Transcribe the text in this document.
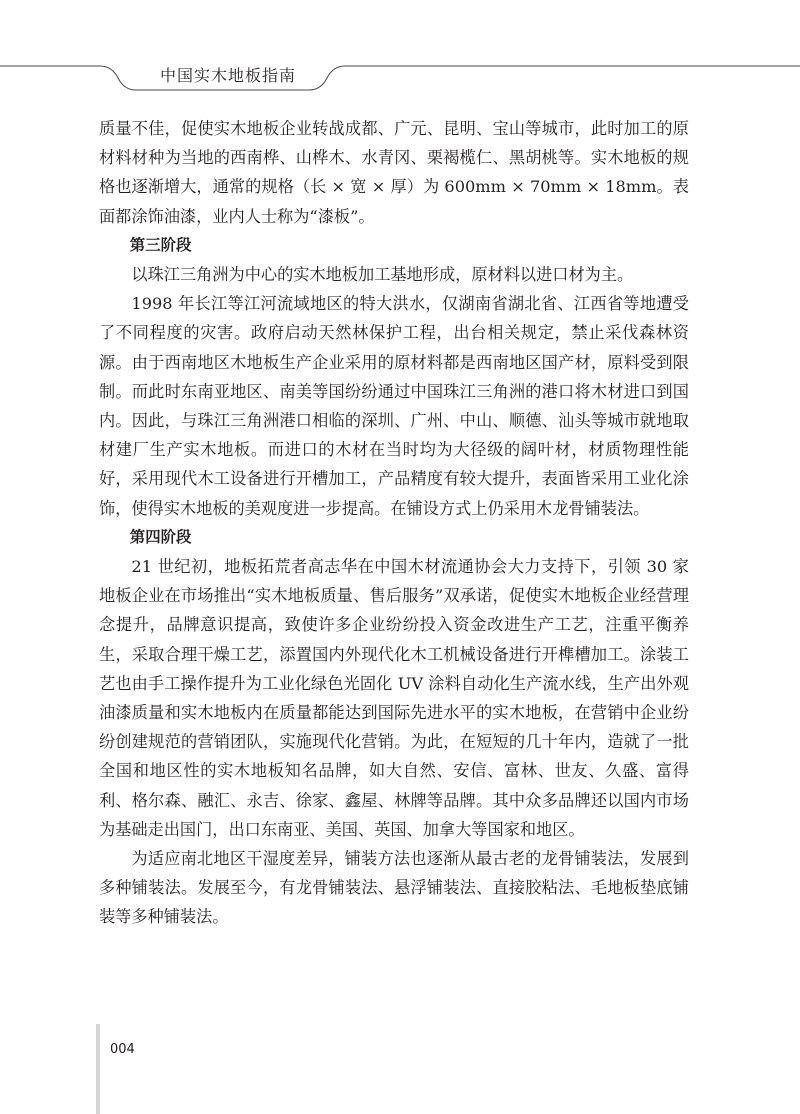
中国实木地板指南

质量不佳，促使实木地板企业转战成都、广元、昆明、宝山等城市，此时加工的原材料材种为当地的西南桦、山桦木、水青冈、栗褐榄仁、黑胡桃等。实木地板的规格也逐渐增大，通常的规格（长 × 宽 × 厚）为 600mm × 70mm × 18mm。表面都涂饰油漆，业内人士称为“漆板”。

第三阶段

以珠江三角洲为中心的实木地板加工基地形成，原材料以进口材为主。

1998 年长江等江河流域地区的特大洪水，仅湖南省湖北省、江西省等地遭受了不同程度的灾害。政府启动天然林保护工程，出台相关规定，禁止采伐森林资源。由于西南地区木地板生产企业采用的原材料都是西南地区国产材，原料受到限制。而此时东南亚地区、南美等国纷纷通过中国珠江三角洲的港口将木材进口到国内。因此，与珠江三角洲港口相临的深圳、广州、中山、顺德、汕头等城市就地取材建厂生产实木地板。而进口的木材在当时均为大径级的阔叶材，材质物理性能好，采用现代木工设备进行开槽加工，产品精度有较大提升，表面皆采用工业化涂饰，使得实木地板的美观度进一步提高。在铺设方式上仍采用木龙骨铺装法。

第四阶段

21 世纪初，地板拓荒者高志华在中国木材流通协会大力支持下，引领 30 家地板企业在市场推出“实木地板质量、售后服务”双承诺，促使实木地板企业经营理念提升，品牌意识提高，致使许多企业纷纷投入资金改进生产工艺，注重平衡养生，采取合理干燥工艺，添置国内外现代化木工机械设备进行开榫槽加工。涂装工艺也由手工操作提升为工业化绿色光固化 UV 涂料自动化生产流水线，生产出外观油漆质量和实木地板内在质量都能达到国际先进水平的实木地板，在营销中企业纷纷创建规范的营销团队，实施现代化营销。为此，在短短的几十年内，造就了一批全国和地区性的实木地板知名品牌，如大自然、安信、富林、世友、久盛、富得利、格尔森、融汇、永吉、徐家、鑫屋、林牌等品牌。其中众多品牌还以国内市场为基础走出国门，出口东南亚、美国、英国、加拿大等国家和地区。

为适应南北地区干湿度差异，铺装方法也逐渐从最古老的龙骨铺装法，发展到多种铺装法。发展至今，有龙骨铺装法、悬浮铺装法、直接胶粘法、毛地板垫底铺装等多种铺装法。

004
